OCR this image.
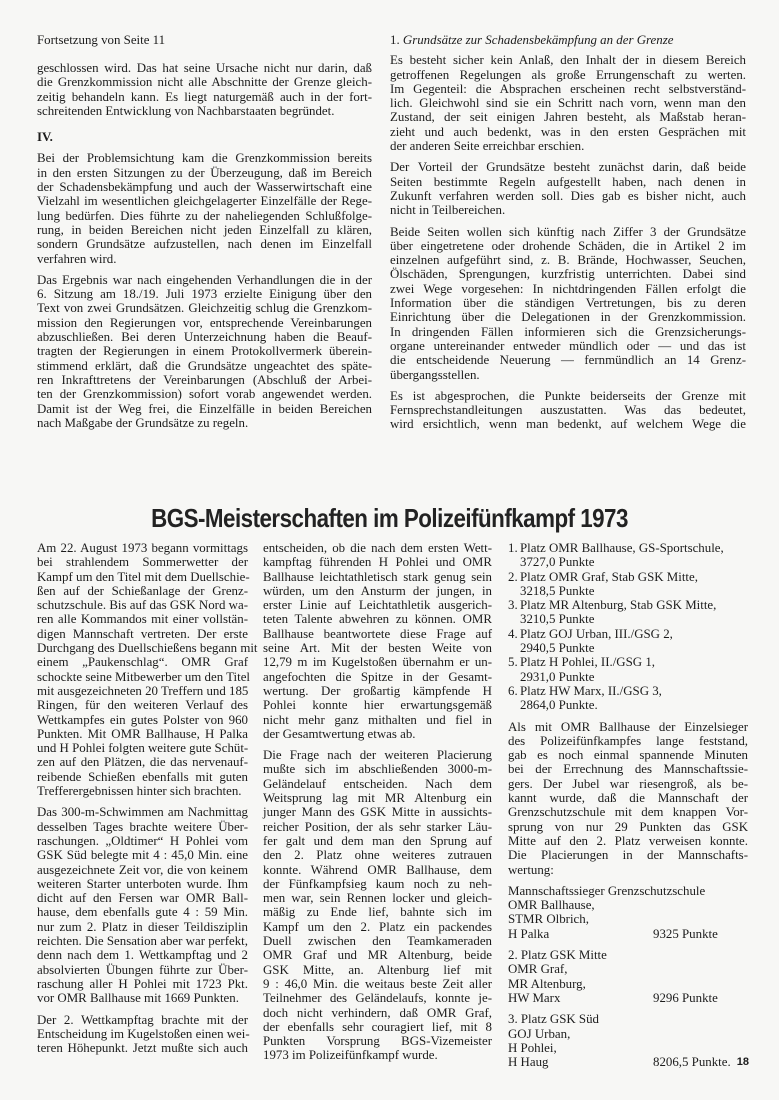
Fortsetzung von Seite 11
geschlossen wird. Das hat seine Ursache nicht nur darin, daß
die Grenzkommission nicht alle Abschnitte der Grenze gleich-
zeitig behandeln kann. Es liegt naturgemäß auch in der fort-
schreitenden Entwicklung von Nachbarstaaten begründet.
IV.
Bei der Problemsichtung kam die Grenzkommission bereits
in den ersten Sitzungen zu der Überzeugung, daß im Bereich
der Schadensbekämpfung und auch der Wasserwirtschaft eine
Vielzahl im wesentlichen gleichgelagerter Einzelfälle der Rege-
lung bedürfen. Dies führte zu der naheliegenden Schlußfolge-
rung, in beiden Bereichen nicht jeden Einzelfall zu klären,
sondern Grundsätze aufzustellen, nach denen im Einzelfall
verfahren wird.
Das Ergebnis war nach eingehenden Verhandlungen die in der
6. Sitzung am 18./19. Juli 1973 erzielte Einigung über den
Text von zwei Grundsätzen. Gleichzeitig schlug die Grenzkom-
mission den Regierungen vor, entsprechende Vereinbarungen
abzuschließen. Bei deren Unterzeichnung haben die Beauf-
tragten der Regierungen in einem Protokollvermerk überein-
stimmend erklärt, daß die Grundsätze ungeachtet des späte-
ren Inkrafttretens der Vereinbarungen (Abschluß der Arbei-
ten der Grenzkommission) sofort vorab angewendet werden.
Damit ist der Weg frei, die Einzelfälle in beiden Bereichen
nach Maßgabe der Grundsätze zu regeln.
1. Grundsätze zur Schadensbekämpfung an der Grenze
Es besteht sicher kein Anlaß, den Inhalt der in diesem Bereich
getroffenen Regelungen als große Errungenschaft zu werten.
Im Gegenteil: die Absprachen erscheinen recht selbstverständ-
lich. Gleichwohl sind sie ein Schritt nach vorn, wenn man den
Zustand, der seit einigen Jahren besteht, als Maßstab heran-
zieht und auch bedenkt, was in den ersten Gesprächen mit
der anderen Seite erreichbar erschien.
Der Vorteil der Grundsätze besteht zunächst darin, daß beide
Seiten bestimmte Regeln aufgestellt haben, nach denen in
Zukunft verfahren werden soll. Dies gab es bisher nicht, auch
nicht in Teilbereichen.
Beide Seiten wollen sich künftig nach Ziffer 3 der Grundsätze
über eingetretene oder drohende Schäden, die in Artikel 2 im
einzelnen aufgeführt sind, z. B. Brände, Hochwasser, Seuchen,
Ölschäden, Sprengungen, kurzfristig unterrichten. Dabei sind
zwei Wege vorgesehen: In nichtdringenden Fällen erfolgt die
Information über die ständigen Vertretungen, bis zu deren
Einrichtung über die Delegationen in der Grenzkommission.
In dringenden Fällen informieren sich die Grenzsicherungs-
organe untereinander entweder mündlich oder — und das ist
die entscheidende Neuerung — fernmündlich an 14 Grenz-
übergangsstellen.
Es ist abgesprochen, die Punkte beiderseits der Grenze mit
Fernsprechstandleitungen auszustatten. Was das bedeutet,
wird ersichtlich, wenn man bedenkt, auf welchem Wege die
BGS-Meisterschaften im Polizeifünfkampf 1973
Am 22. August 1973 begann vormittags
bei strahlendem Sommerwetter der
Kampf um den Titel mit dem Duellschie-
ßen auf der Schießanlage der Grenz-
schutzschule. Bis auf das GSK Nord wa-
ren alle Kommandos mit einer vollstän-
digen Mannschaft vertreten. Der erste
Durchgang des Duellschießens begann mit
einem „Paukenschlag“. OMR Graf
schockte seine Mitbewerber um den Titel
mit ausgezeichneten 20 Treffern und 185
Ringen, für den weiteren Verlauf des
Wettkampfes ein gutes Polster von 960
Punkten. Mit OMR Ballhause, H Palka
und H Pohlei folgten weitere gute Schüt-
zen auf den Plätzen, die das nervenauf-
reibende Schießen ebenfalls mit guten
Trefferergebnissen hinter sich brachten.
Das 300-m-Schwimmen am Nachmittag
desselben Tages brachte weitere Über-
raschungen. „Oldtimer“ H Pohlei vom
GSK Süd belegte mit 4 : 45,0 Min. eine
ausgezeichnete Zeit vor, die von keinem
weiteren Starter unterboten wurde. Ihm
dicht auf den Fersen war OMR Ball-
hause, dem ebenfalls gute 4 : 59 Min.
nur zum 2. Platz in dieser Teildisziplin
reichten. Die Sensation aber war perfekt,
denn nach dem 1. Wettkampftag und 2
absolvierten Übungen führte zur Über-
raschung aller H Pohlei mit 1723 Pkt.
vor OMR Ballhause mit 1669 Punkten.
Der 2. Wettkampftag brachte mit der
Entscheidung im Kugelstoßen einen wei-
teren Höhepunkt. Jetzt mußte sich auch
entscheiden, ob die nach dem ersten Wett-
kampftag führenden H Pohlei und OMR
Ballhause leichtathletisch stark genug sein
würden, um den Ansturm der jungen, in
erster Linie auf Leichtathletik ausgerich-
teten Talente abwehren zu können. OMR
Ballhause beantwortete diese Frage auf
seine Art. Mit der besten Weite von
12,79 m im Kugelstoßen übernahm er un-
angefochten die Spitze in der Gesamt-
wertung. Der großartig kämpfende H
Pohlei konnte hier erwartungsgemäß
nicht mehr ganz mithalten und fiel in
der Gesamtwertung etwas ab.
Die Frage nach der weiteren Placierung
mußte sich im abschließenden 3000-m-
Geländelauf entscheiden. Nach dem
Weitsprung lag mit MR Altenburg ein
junger Mann des GSK Mitte in aussichts-
reicher Position, der als sehr starker Läu-
fer galt und dem man den Sprung auf
den 2. Platz ohne weiteres zutrauen
konnte. Während OMR Ballhause, dem
der Fünfkampfsieg kaum noch zu neh-
men war, sein Rennen locker und gleich-
mäßig zu Ende lief, bahnte sich im
Kampf um den 2. Platz ein packendes
Duell zwischen den Teamkameraden
OMR Graf und MR Altenburg, beide
GSK Mitte, an. Altenburg lief mit
9 : 46,0 Min. die weitaus beste Zeit aller
Teilnehmer des Geländelaufs, konnte je-
doch nicht verhindern, daß OMR Graf,
der ebenfalls sehr couragiert lief, mit 8
Punkten Vorsprung BGS-Vizemeister
1973 im Polizeifünfkampf wurde.
1. Platz OMR Ballhause, GS-Sportschule,
3727,0 Punkte
2. Platz OMR Graf, Stab GSK Mitte,
3218,5 Punkte
3. Platz MR Altenburg, Stab GSK Mitte,
3210,5 Punkte
4. Platz GOJ Urban, III./GSG 2,
2940,5 Punkte
5. Platz H Pohlei, II./GSG 1,
2931,0 Punkte
6. Platz HW Marx, II./GSG 3,
2864,0 Punkte.
Als mit OMR Ballhause der Einzelsieger
des Polizeifünfkampfes lange feststand,
gab es noch einmal spannende Minuten
bei der Errechnung des Mannschaftssie-
gers. Der Jubel war riesengroß, als be-
kannt wurde, daß die Mannschaft der
Grenzschutzschule mit dem knappen Vor-
sprung von nur 29 Punkten das GSK
Mitte auf den 2. Platz verweisen konnte.
Die Placierungen in der Mannschafts-
wertung:
Mannschaftssieger Grenzschutzschule
OMR Ballhause,
STMR Olbrich,
H Palka	9325 Punkte
2. Platz GSK Mitte
OMR Graf,
MR Altenburg,
HW Marx	9296 Punkte
3. Platz GSK Süd
GOJ Urban,
H Pohlei,
H Haug	8206,5 Punkte. 18
